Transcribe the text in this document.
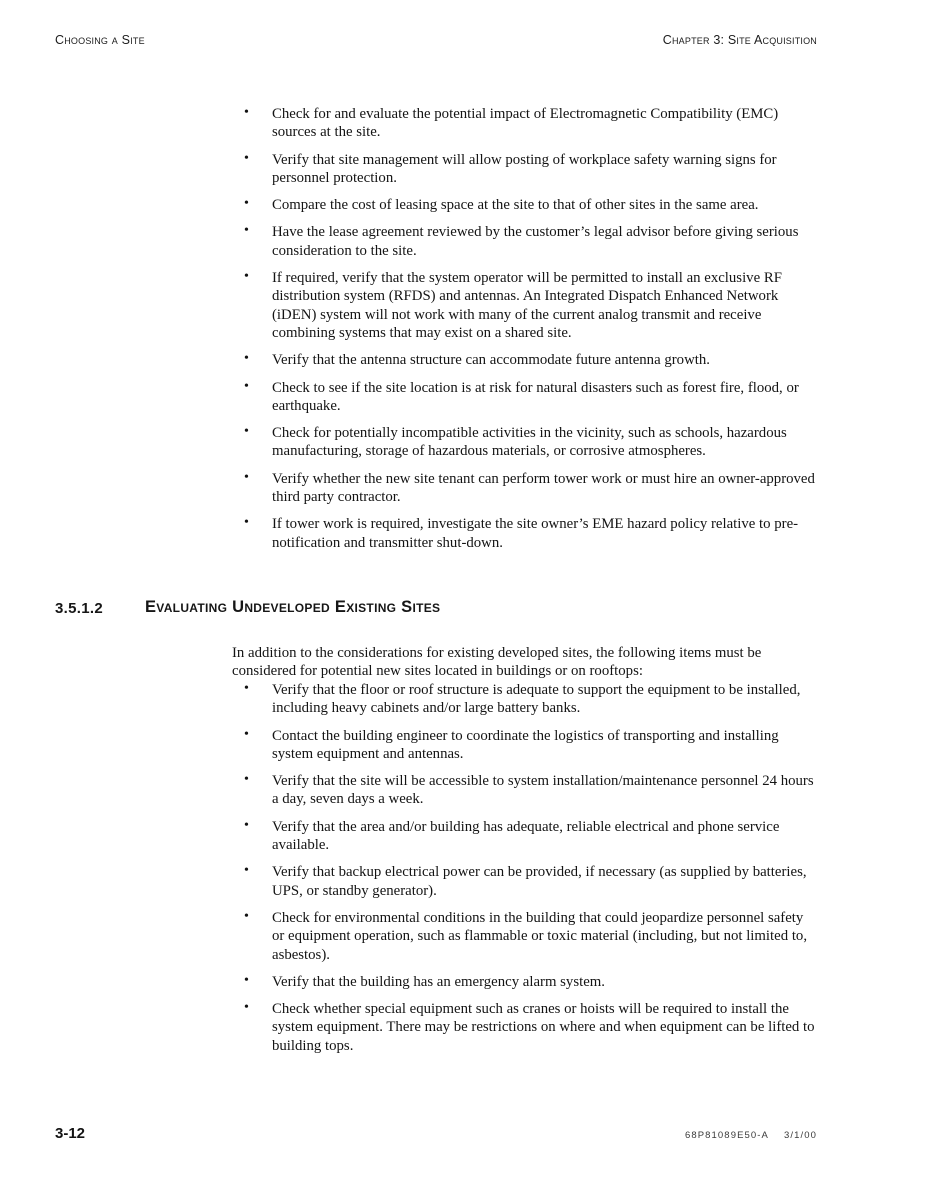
Choosing a Site	Chapter 3: Site Acquisition
• Check for and evaluate the potential impact of Electromagnetic Compatibility (EMC) sources at the site.
• Verify that site management will allow posting of workplace safety warning signs for personnel protection.
• Compare the cost of leasing space at the site to that of other sites in the same area.
• Have the lease agreement reviewed by the customer’s legal advisor before giving serious consideration to the site.
• If required, verify that the system operator will be permitted to install an exclusive RF distribution system (RFDS) and antennas. An Integrated Dispatch Enhanced Network (iDEN) system will not work with many of the current analog transmit and receive combining systems that may exist on a shared site.
• Verify that the antenna structure can accommodate future antenna growth.
• Check to see if the site location is at risk for natural disasters such as forest fire, flood, or earthquake.
• Check for potentially incompatible activities in the vicinity, such as schools, hazardous manufacturing, storage of hazardous materials, or corrosive atmospheres.
• Verify whether the new site tenant can perform tower work or must hire an owner-approved third party contractor.
• If tower work is required, investigate the site owner’s EME hazard policy relative to pre-notification and transmitter shut-down.
3.5.1.2	Evaluating Undeveloped Existing Sites

In addition to the considerations for existing developed sites, the following items must be considered for potential new sites located in buildings or on rooftops:

• Verify that the floor or roof structure is adequate to support the equipment to be installed, including heavy cabinets and/or large battery banks.
• Contact the building engineer to coordinate the logistics of transporting and installing system equipment and antennas.
• Verify that the site will be accessible to system installation/maintenance personnel 24 hours a day, seven days a week.
• Verify that the area and/or building has adequate, reliable electrical and phone service available.
• Verify that backup electrical power can be provided, if necessary (as supplied by batteries, UPS, or standby generator).
• Check for environmental conditions in the building that could jeopardize personnel safety or equipment operation, such as flammable or toxic material (including, but not limited to, asbestos).
• Verify that the building has an emergency alarm system.
• Check whether special equipment such as cranes or hoists will be required to install the system equipment. There may be restrictions on where and when equipment can be lifted to building tops.
3-12	68P81089E50-A 3/1/00
